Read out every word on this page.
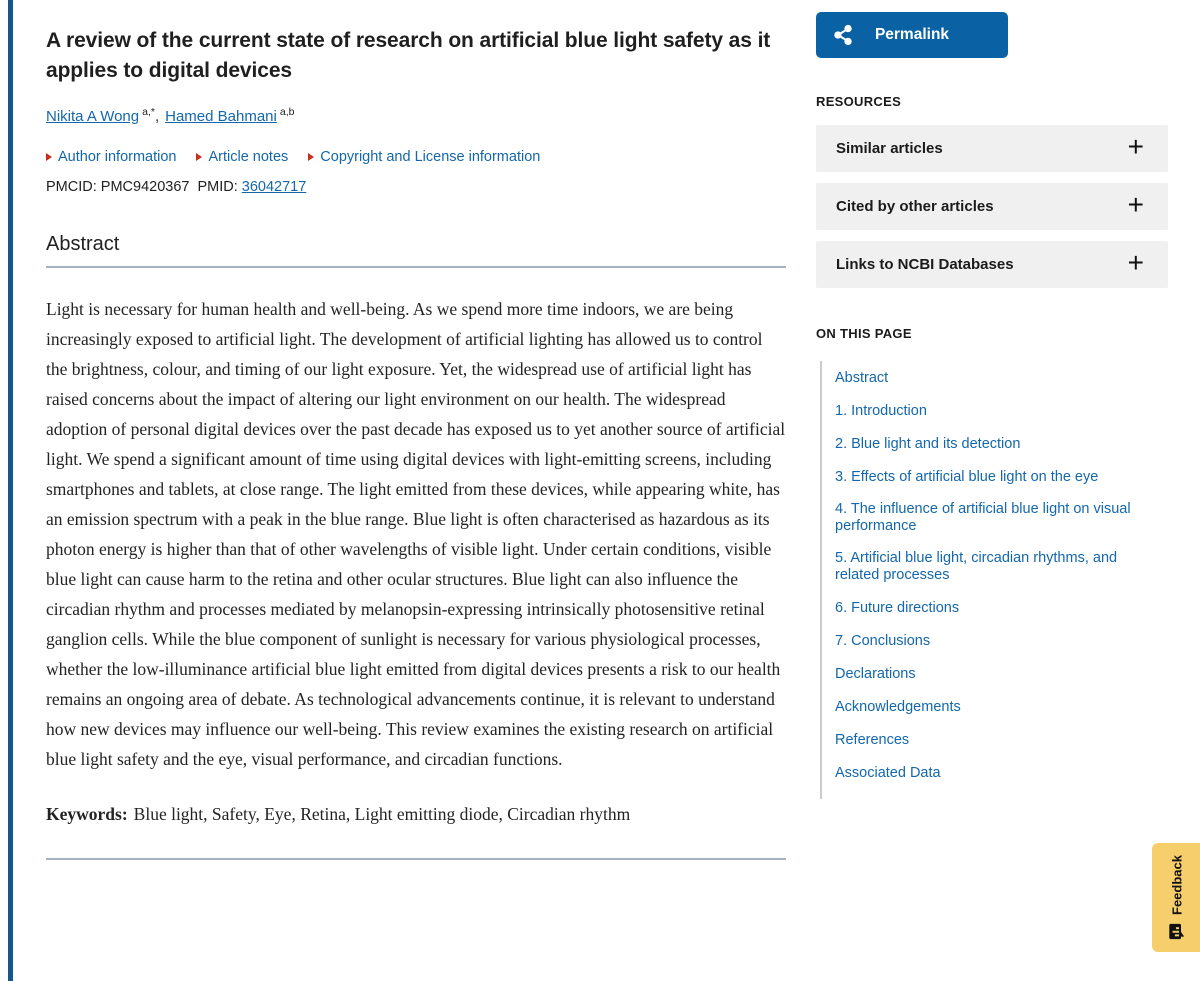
A review of the current state of research on artificial blue light safety as it applies to digital devices

Nikita A Wong $^{a,*}$, Hamed Bahmani $^{a,b}$

Author information Article notes Copyright and License information

PMCID: PMC9420367 PMID: 36042717

Abstract

Light is necessary for human health and well-being. As we spend more time indoors, we are being increasingly exposed to artificial light. The development of artificial lighting has allowed us to control the brightness, colour, and timing of our light exposure. Yet, the widespread use of artificial light has raised concerns about the impact of altering our light environment on our health. The widespread adoption of personal digital devices over the past decade has exposed us to yet another source of artificial light. We spend a significant amount of time using digital devices with light-emitting screens, including smartphones and tablets, at close range. The light emitted from these devices, while appearing white, has an emission spectrum with a peak in the blue range. Blue light is often characterised as hazardous as its photon energy is higher than that of other wavelengths of visible light. Under certain conditions, visible blue light can cause harm to the retina and other ocular structures. Blue light can also influence the circadian rhythm and processes mediated by melanopsin-expressing intrinsically photosensitive retinal ganglion cells. While the blue component of sunlight is necessary for various physiological processes, whether the low-illuminance artificial blue light emitted from digital devices presents a risk to our health remains an ongoing area of debate. As technological advancements continue, it is relevant to understand how new devices may influence our well-being. This review examines the existing research on artificial blue light safety and the eye, visual performance, and circadian functions.

Keywords: Blue light, Safety, Eye, Retina, Light emitting diode, Circadian rhythm

Permalink
RESOURCES
Similar articles	+
Cited by other articles	+
Links to NCBI Databases	+
ON THIS PAGE
Abstract
1. Introduction
2. Blue light and its detection
3. Effects of artificial blue light on the eye
4. The influence of artificial blue light on visual performance
5. Artificial blue light, circadian rhythms, and related processes
6. Future directions
7. Conclusions
Declarations
Acknowledgements
References
Associated Data
Feedback
